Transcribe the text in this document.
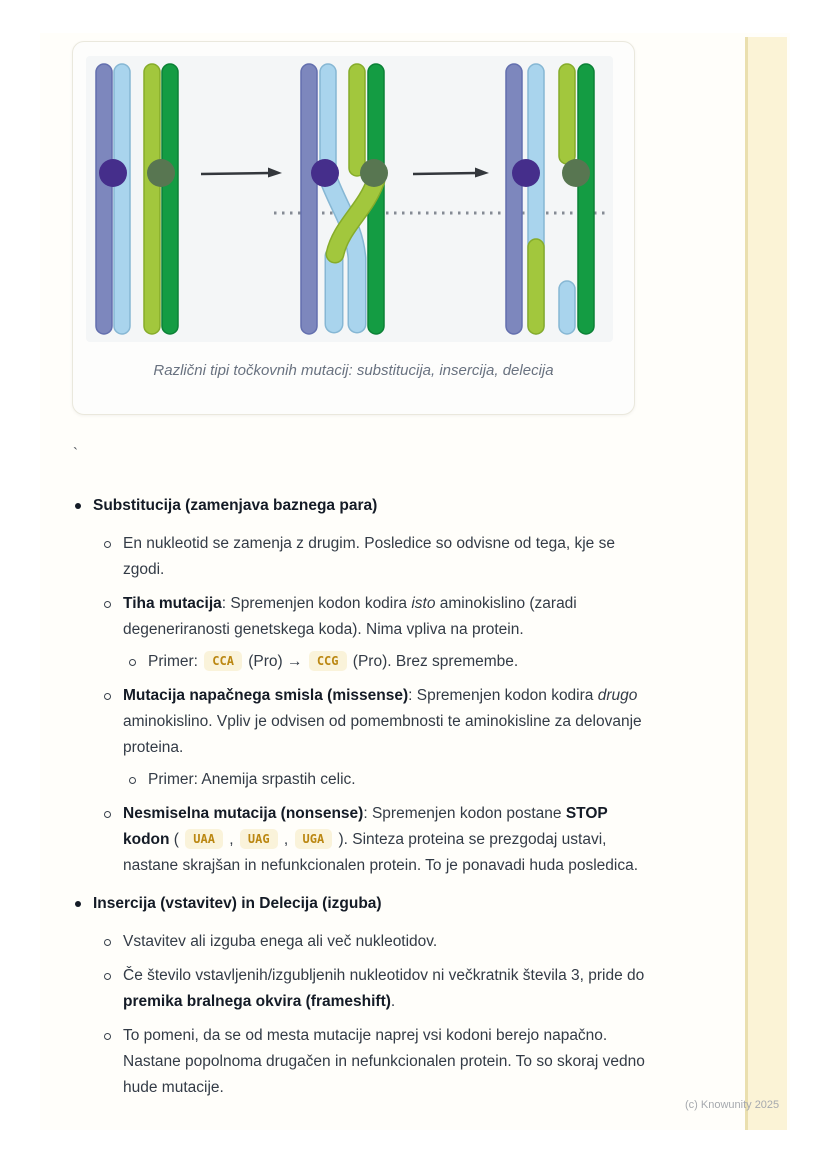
Različni tipi točkovnih mutacij: substitucija, insercija, delecija
`
Substitucija (zamenjava baznega para)
En nukleotid se zamenja z drugim. Posledice so odvisne od tega, kje se zgodi.
Tiha mutacija: Spremenjen kodon kodira isto aminokislino (zaradi degeneriranosti genetskega koda). Nima vpliva na protein.
Primer: CCA (Pro) → CCG (Pro). Brez spremembe.
Mutacija napačnega smisla (missense): Spremenjen kodon kodira drugo aminokislino. Vpliv je odvisen od pomembnosti te aminokisline za delovanje proteina.
Primer: Anemija srpastih celic.
Nesmiselna mutacija (nonsense): Spremenjen kodon postane STOP kodon ( UAA , UAG , UGA ). Sinteza proteina se prezgodaj ustavi, nastane skrajšan in nefunkcionalen protein. To je ponavadi huda posledica.
Insercija (vstavitev) in Delecija (izguba)
Vstavitev ali izguba enega ali več nukleotidov.
Če število vstavljenih/izgubljenih nukleotidov ni večkratnik števila 3, pride do premika bralnega okvira (frameshift).
To pomeni, da se od mesta mutacije naprej vsi kodoni berejo napačno. Nastane popolnoma drugačen in nefunkcionalen protein. To so skoraj vedno hude mutacije.
(c) Knowunity 2025
